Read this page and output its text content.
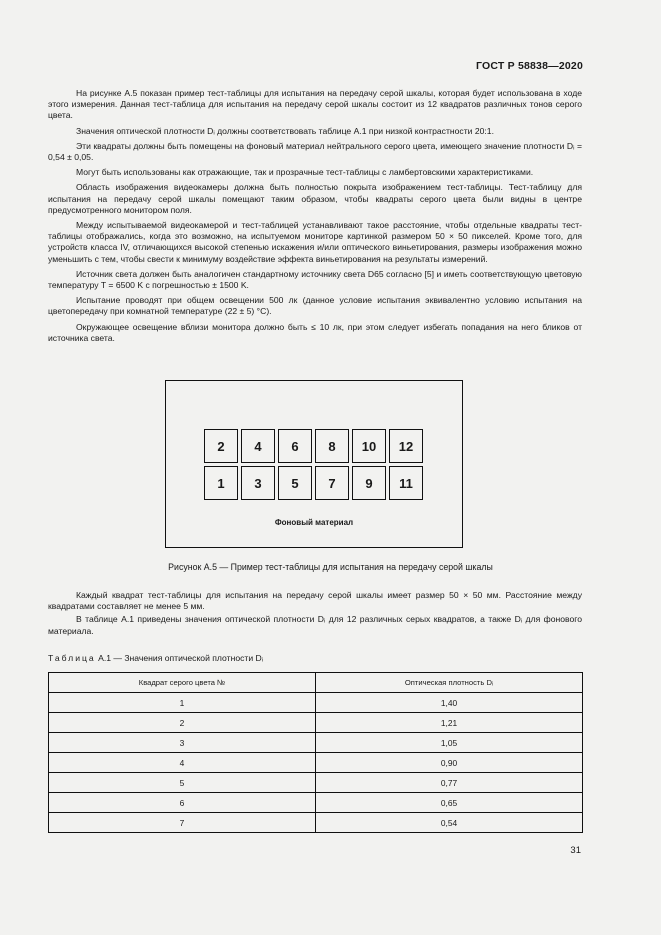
ГОСТ Р 58838—2020

На рисунке А.5 показан пример тест-таблицы для испытания на передачу серой шкалы, которая будет использована в ходе этого измерения. Данная тест-таблица для испытания на передачу серой шкалы состоит из 12 квадратов различных тонов серого цвета.

Значения оптической плотности Dᵢ должны соответствовать таблице А.1 при низкой контрастности 20:1.

Эти квадраты должны быть помещены на фоновый материал нейтрального серого цвета, имеющего значение плотности Dᵢ = 0,54 ± 0,05.

Могут быть использованы как отражающие, так и прозрачные тест-таблицы с ламбертовскими характеристиками.

Область изображения видеокамеры должна быть полностью покрыта изображением тест-таблицы. Тест-таблицу для испытания на передачу серой шкалы помещают таким образом, чтобы квадраты серого цвета были видны в центре предусмотренного монитором поля.

Между испытываемой видеокамерой и тест-таблицей устанавливают такое расстояние, чтобы отдельные квадраты тест-таблицы отображались, когда это возможно, на испытуемом мониторе картинкой размером 50 × 50 пикселей. Кроме того, для устройств класса IV, отличающихся высокой степенью искажения и/или оптического виньетирования, размеры изображения можно уменьшить с тем, чтобы свести к минимуму воздействие эффекта виньетирования на результаты измерений.

Источник света должен быть аналогичен стандартному источнику света D65 согласно [5] и иметь соответствующую цветовую температуру T = 6500 K с погрешностью ± 1500 K.

Испытание проводят при общем освещении 500 лк (данное условие испытания эквивалентно условию испытания на цветопередачу при комнатной температуре (22 ± 5) °С).

Окружающее освещение вблизи монитора должно быть ≤ 10 лк, при этом следует избегать попадания на него бликов от источника света.

2	4	6	8	10	12
1	3	5	7	9	11
Фоновый материал
Рисунок А.5 — Пример тест-таблицы для испытания на передачу серой шкалы

Каждый квадрат тест-таблицы для испытания на передачу серой шкалы имеет размер 50 × 50 мм. Расстояние между квадратами составляет не менее 5 мм.

В таблице А.1 приведены значения оптической плотности Dᵢ для 12 различных серых квадратов, а также Dᵢ для фонового материала.

Таблица А.1 — Значения оптической плотности Dᵢ
Квадрат серого цвета №	Оптическая плотность Dᵢ
1	1,40
2	1,21
3	1,05
4	0,90
5	0,77
6	0,65
7	0,54
31
